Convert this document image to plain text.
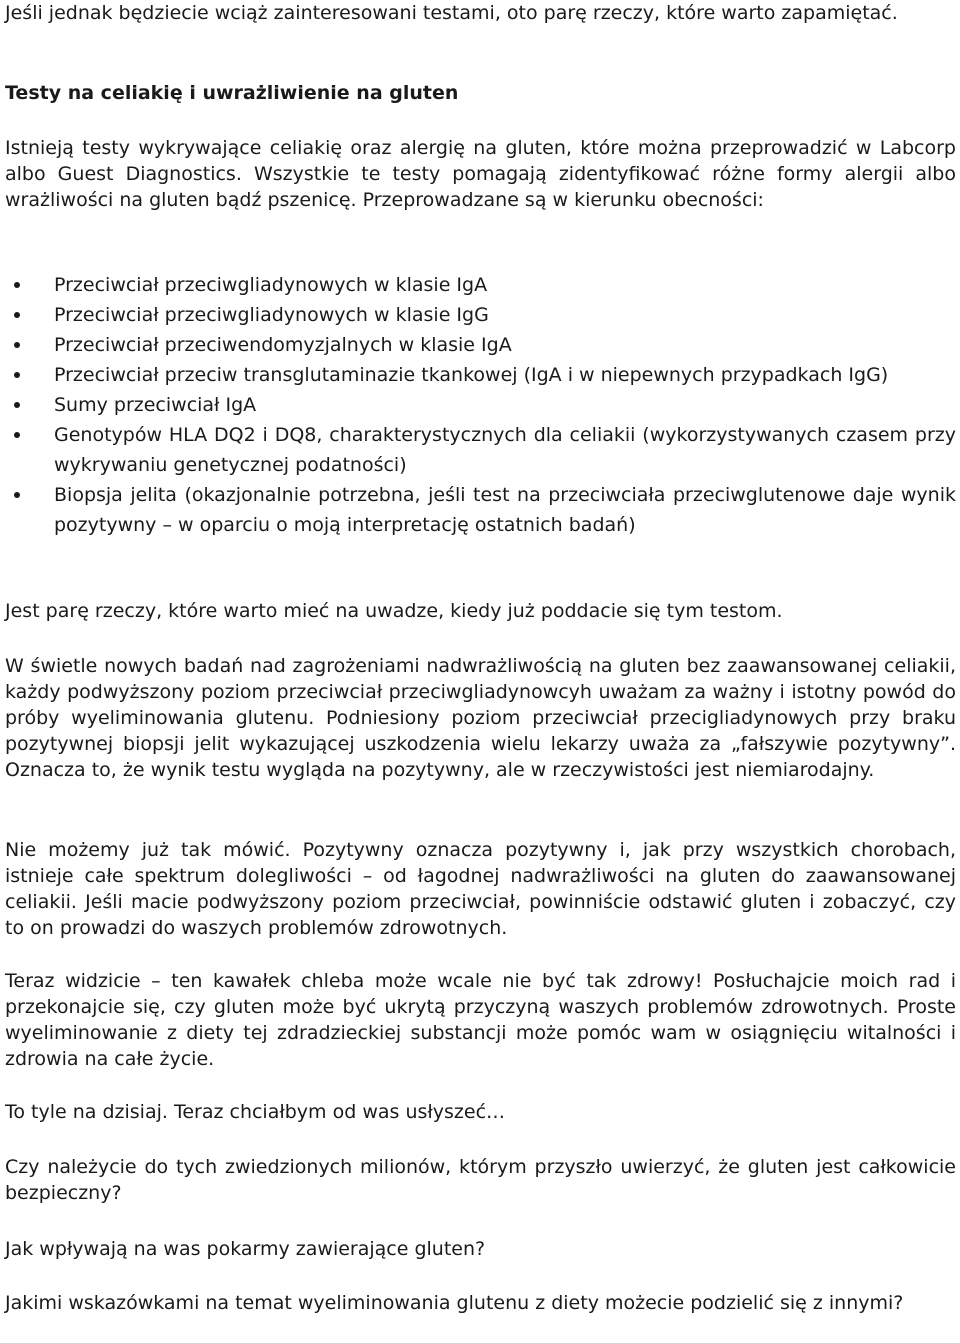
Jeśli jednak będziecie wciąż zainteresowani testami, oto parę rzeczy, które warto zapamiętać.

Testy na celiakię i uwrażliwienie na gluten

Istnieją testy wykrywające celiakię oraz alergię na gluten, które można przeprowadzić w Labcorp albo Guest Diagnostics. Wszystkie te testy pomagają zidentyfikować różne formy alergii albo wrażliwości na gluten bądź pszenicę. Przeprowadzane są w kierunku obecności:

Przeciwciał przeciwgliadynowych w klasie IgA
Przeciwciał przeciwgliadynowych w klasie IgG
Przeciwciał przeciwendomyzjalnych w klasie IgA
Przeciwciał przeciw transglutaminazie tkankowej (IgA i w niepewnych przypadkach IgG)
Sumy przeciwciał IgA
Genotypów HLA DQ2 i DQ8, charakterystycznych dla celiakii (wykorzystywanych czasem przy wykrywaniu genetycznej podatności)
Biopsja jelita (okazjonalnie potrzebna, jeśli test na przeciwciała przeciwglutenowe daje wynik pozytywny – w oparciu o moją interpretację ostatnich badań)

Jest parę rzeczy, które warto mieć na uwadze, kiedy już poddacie się tym testom.

W świetle nowych badań nad zagrożeniami nadwrażliwością na gluten bez zaawansowanej celiakii, każdy podwyższony poziom przeciwciał przeciwgliadynowcyh uważam za ważny i istotny powód do próby wyeliminowania glutenu. Podniesiony poziom przeciwciał przecigliadynowych przy braku pozytywnej biopsji jelit wykazującej uszkodzenia wielu lekarzy uważa za „fałszywie pozytywny”. Oznacza to, że wynik testu wygląda na pozytywny, ale w rzeczywistości jest niemiarodajny.

Nie możemy już tak mówić. Pozytywny oznacza pozytywny i, jak przy wszystkich chorobach, istnieje całe spektrum dolegliwości – od łagodnej nadwrażliwości na gluten do zaawansowanej celiakii. Jeśli macie podwyższony poziom przeciwciał, powinniście odstawić gluten i zobaczyć, czy to on prowadzi do waszych problemów zdrowotnych.

Teraz widzicie – ten kawałek chleba może wcale nie być tak zdrowy! Posłuchajcie moich rad i przekonajcie się, czy gluten może być ukrytą przyczyną waszych problemów zdrowotnych. Proste wyeliminowanie z diety tej zdradzieckiej substancji może pomóc wam w osiągnięciu witalności i zdrowia na całe życie.

To tyle na dzisiaj. Teraz chciałbym od was usłyszeć…

Czy należycie do tych zwiedzionych milionów, którym przyszło uwierzyć, że gluten jest całkowicie bezpieczny?

Jak wpływają na was pokarmy zawierające gluten?

Jakimi wskazówkami na temat wyeliminowania glutenu z diety możecie podzielić się z innymi?
